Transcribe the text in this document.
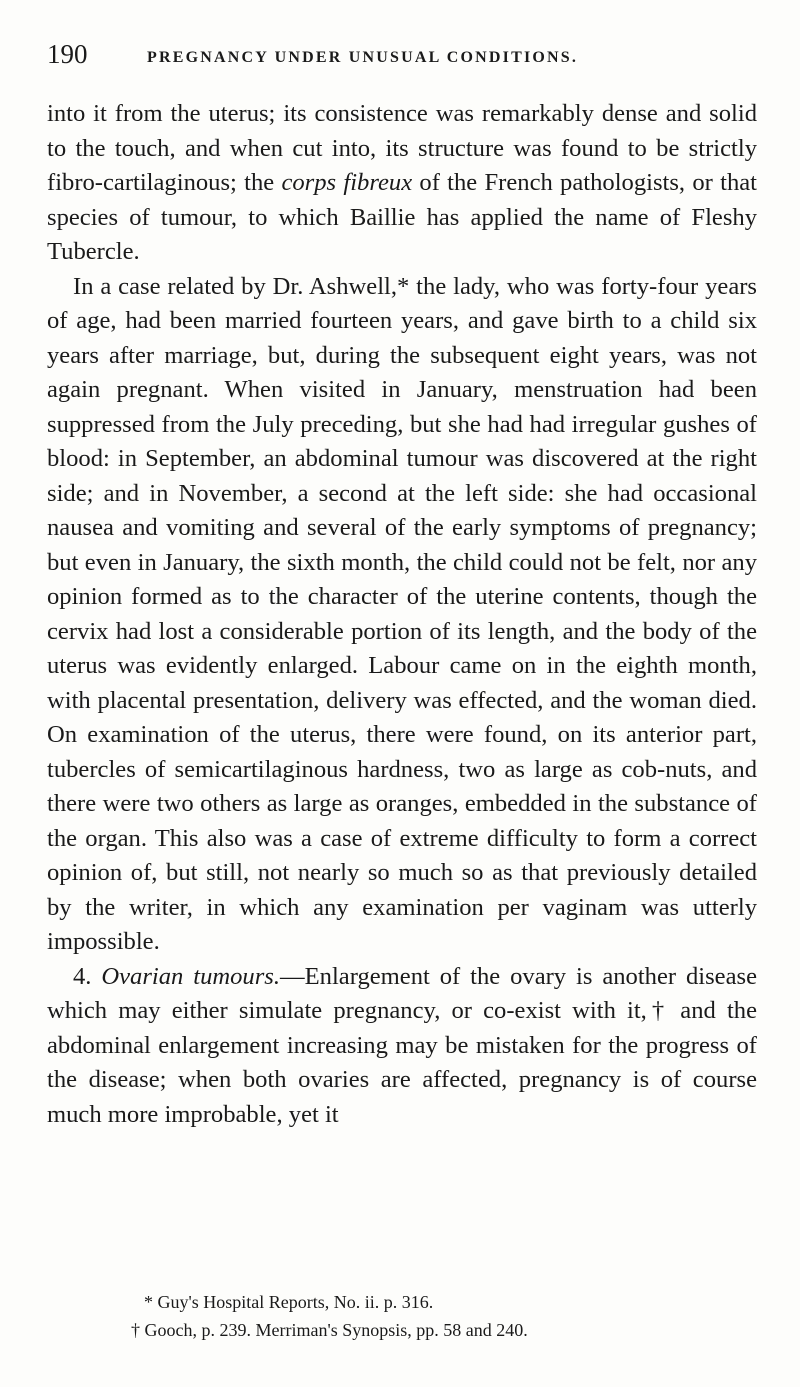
190	PREGNANCY UNDER UNUSUAL CONDITIONS.

into it from the uterus; its consistence was remarkably dense and solid to the touch, and when cut into, its structure was found to be strictly fibro-cartilaginous; the corps fibreux of the French pathologists, or that species of tumour, to which Baillie has applied the name of Fleshy Tubercle.

In a case related by Dr. Ashwell,* the lady, who was forty-four years of age, had been married fourteen years, and gave birth to a child six years after marriage, but, during the subsequent eight years, was not again pregnant. When visited in January, menstruation had been suppressed from the July preceding, but she had had irregular gushes of blood: in September, an abdominal tumour was discovered at the right side; and in November, a second at the left side: she had occasional nausea and vomiting and several of the early symptoms of pregnancy; but even in January, the sixth month, the child could not be felt, nor any opinion formed as to the character of the uterine contents, though the cervix had lost a considerable portion of its length, and the body of the uterus was evidently enlarged. Labour came on in the eighth month, with placental presentation, delivery was effected, and the woman died. On examination of the uterus, there were found, on its anterior part, tubercles of semicartilaginous hardness, two as large as cob-nuts, and there were two others as large as oranges, embedded in the substance of the organ. This also was a case of extreme difficulty to form a correct opinion of, but still, not nearly so much so as that previously detailed by the writer, in which any examination per vaginam was utterly impossible.

4. Ovarian tumours.—Enlargement of the ovary is another disease which may either simulate pregnancy, or co-exist with it,† and the abdominal enlargement increasing may be mistaken for the progress of the disease; when both ovaries are affected, pregnancy is of course much more improbable, yet it

* Guy's Hospital Reports, No. ii. p. 316.

† Gooch, p. 239. Merriman's Synopsis, pp. 58 and 240.
